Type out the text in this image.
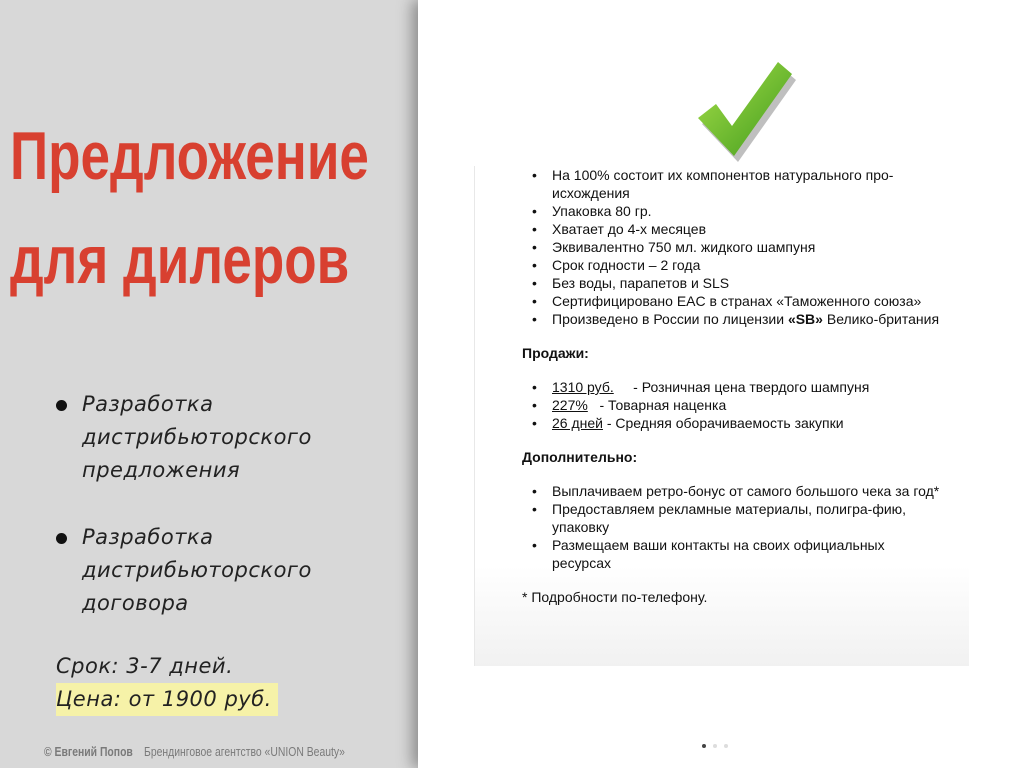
Предложение
для дилеров
Разработка дистрибьюторского предложения
Разработка дистрибьюторского договора
Срок: 3-7 дней.
Цена: от 1900 руб.
© Евгений Попов Брендинговое агентство «UNION Beauty»
• На 100% состоит их компонентов натурального про-исхождения
• Упаковка 80 гр.
• Хватает до 4-х месяцев
• Эквивалентно 750 мл. жидкого шампуня
• Срок годности – 2 года
• Без воды, парапетов и SLS
• Сертифицировано EAC в странах «Таможенного союза»
• Произведено в России по лицензии «SB» Велико-британия
Продажи:
• 1310 руб.     - Розничная цена твердого шампуня
• 227%   - Товарная наценка
• 26 дней - Средняя оборачиваемость закупки
Дополнительно:
• Выплачиваем ретро-бонус от самого большого чека за год*
• Предоставляем рекламные материалы, полигра-фию, упаковку
• Размещаем ваши контакты на своих официальных ресурсах
* Подробности по-телефону.
